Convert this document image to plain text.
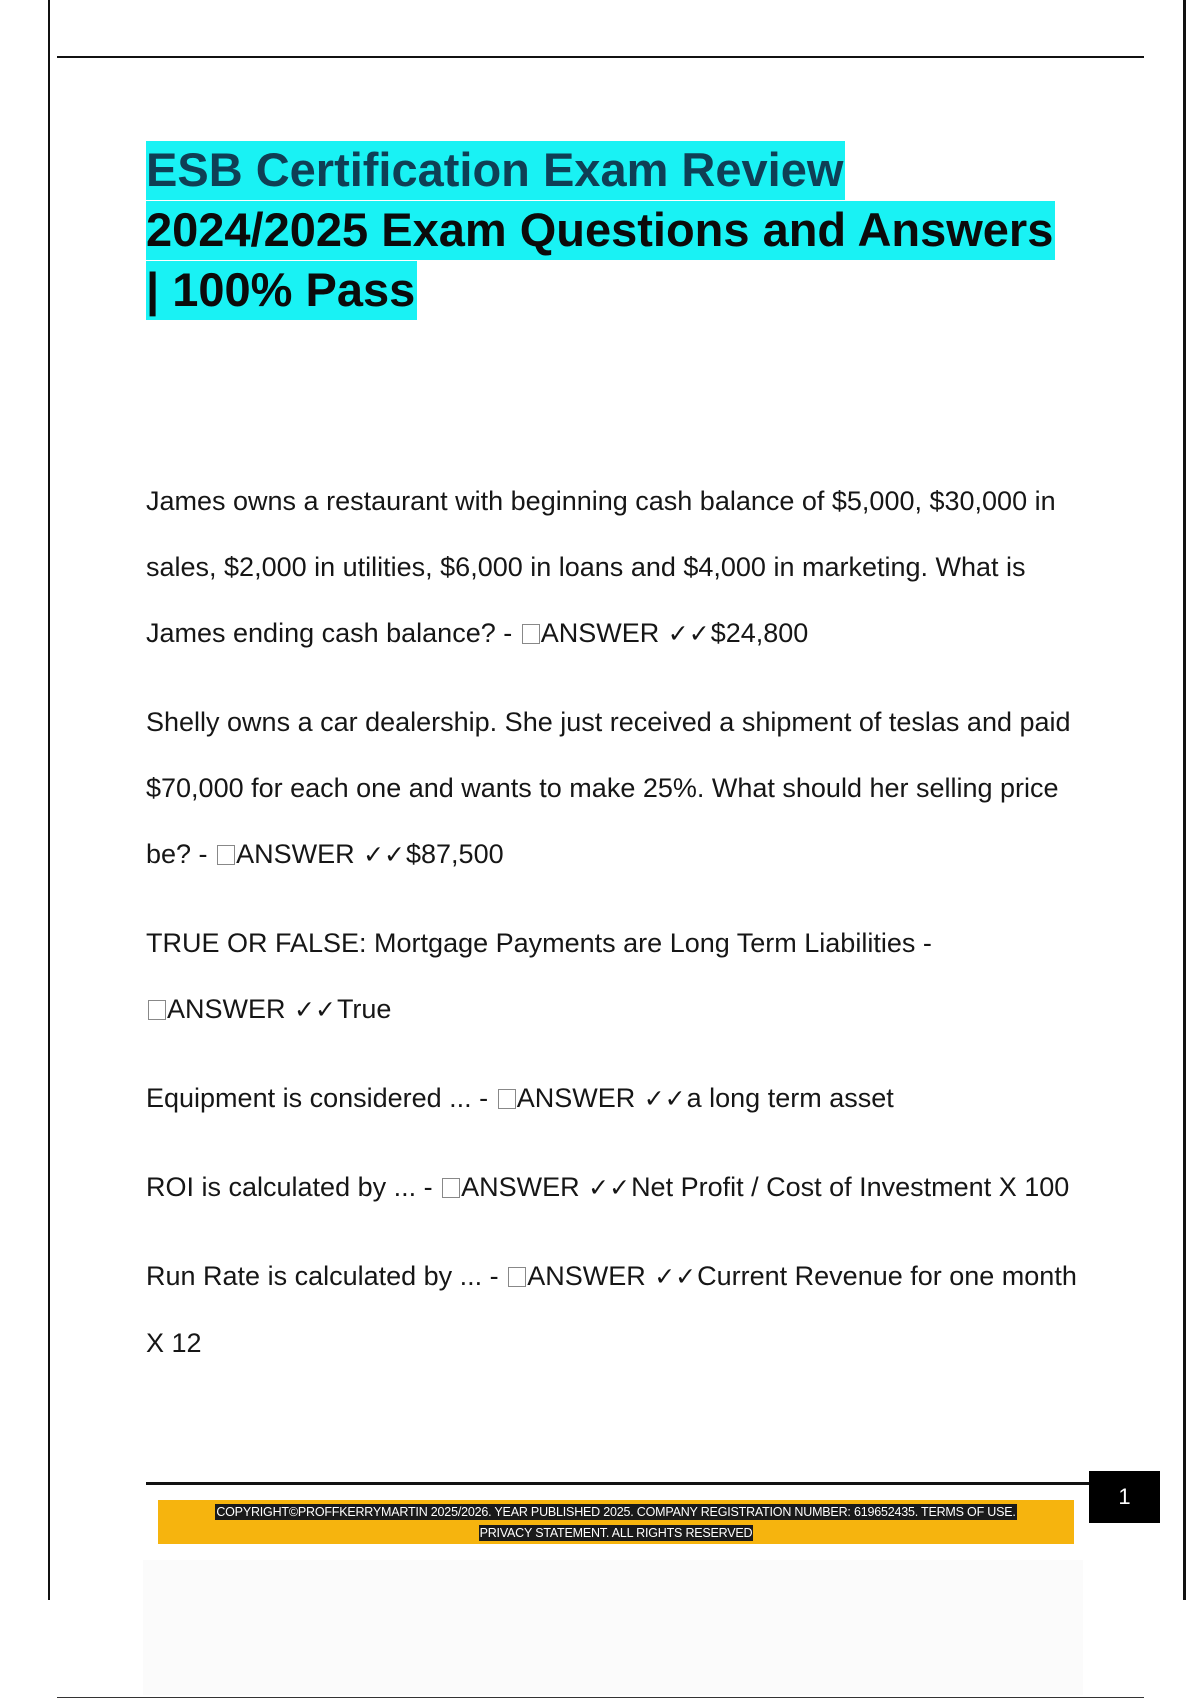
ESB Certification Exam Review
2024/2025 Exam Questions and Answers
| 100% Pass

James owns a restaurant with beginning cash balance of $5,000, $30,000 in sales, $2,000 in utilities, $6,000 in loans and $4,000 in marketing. What is James ending cash balance? - ANSWER ✓✓$24,800

Shelly owns a car dealership. She just received a shipment of teslas and paid $70,000 for each one and wants to make 25%. What should her selling price be? - ANSWER ✓✓$87,500

TRUE OR FALSE: Mortgage Payments are Long Term Liabilities -
ANSWER ✓✓True

Equipment is considered ... - ANSWER ✓✓a long term asset

ROI is calculated by ... - ANSWER ✓✓Net Profit / Cost of Investment X 100

Run Rate is calculated by ... - ANSWER ✓✓Current Revenue for one month X 12

1
COPYRIGHT©PROFFKERRYMARTIN 2025/2026. YEAR PUBLISHED 2025. COMPANY REGISTRATION NUMBER: 619652435. TERMS OF USE.
PRIVACY STATEMENT. ALL RIGHTS RESERVED
